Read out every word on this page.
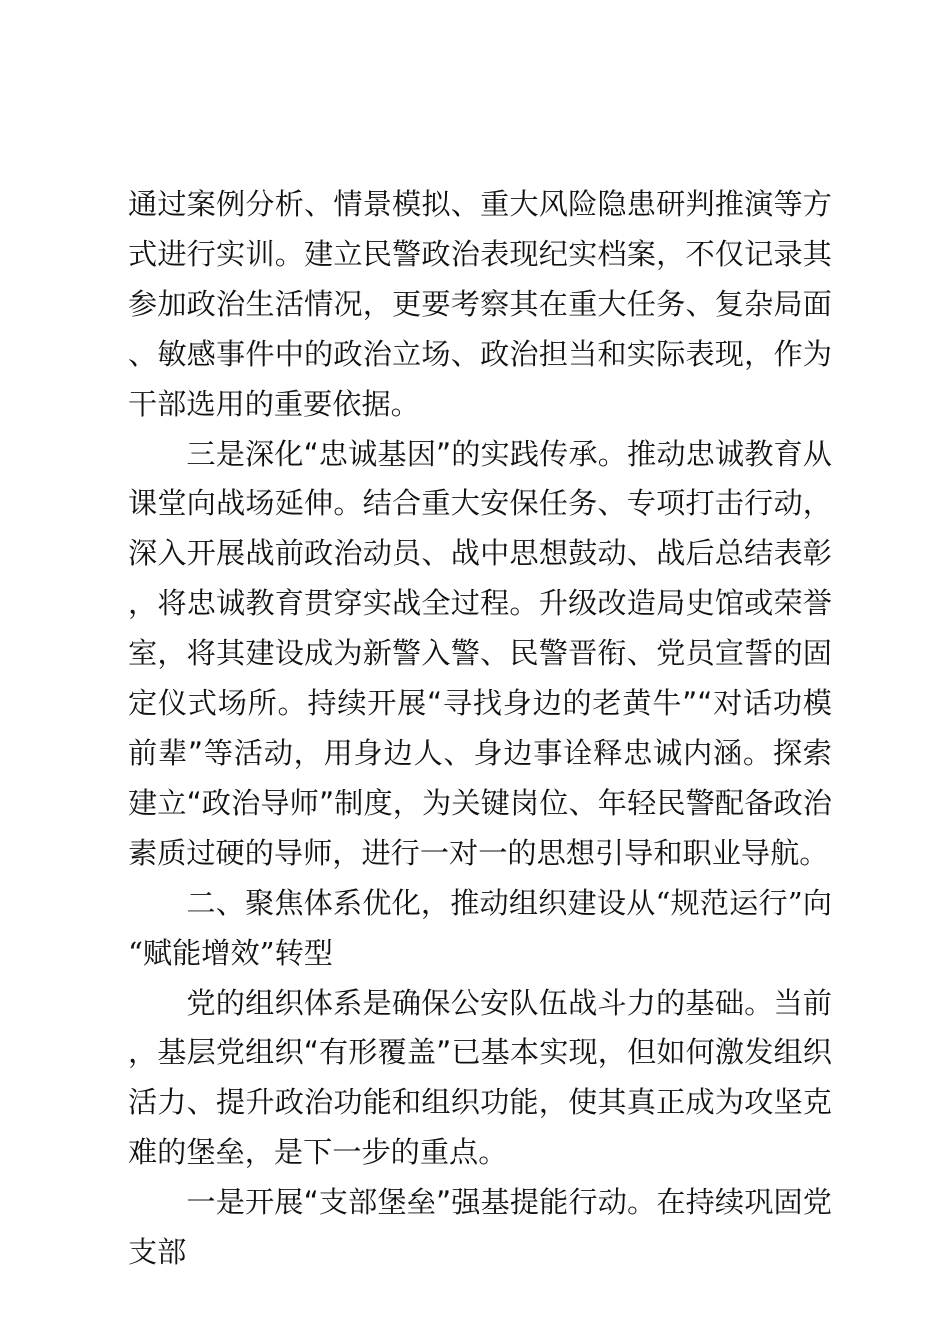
通过案例分析、情景模拟、重大风险隐患研判推演等方式进行实训。建立民警政治表现纪实档案，不仅记录其参加政治生活情况，更要考察其在重大任务、复杂局面、敏感事件中的政治立场、政治担当和实际表现，作为干部选用的重要依据。

三是深化“忠诚基因”的实践传承。推动忠诚教育从课堂向战场延伸。结合重大安保任务、专项打击行动，深入开展战前政治动员、战中思想鼓动、战后总结表彰，将忠诚教育贯穿实战全过程。升级改造局史馆或荣誉室，将其建设成为新警入警、民警晋衔、党员宣誓的固定仪式场所。持续开展“寻找身边的老黄牛”“对话功模前辈”等活动，用身边人、身边事诠释忠诚内涵。探索建立“政治导师”制度，为关键岗位、年轻民警配备政治素质过硬的导师，进行一对一的思想引导和职业导航。

二、聚焦体系优化，推动组织建设从“规范运行”向“赋能增效”转型

党的组织体系是确保公安队伍战斗力的基础。当前，基层党组织“有形覆盖”已基本实现，但如何激发组织活力、提升政治功能和组织功能，使其真正成为攻坚克难的堡垒，是下一步的重点。

一是开展“支部堡垒”强基提能行动。在持续巩固党支部
